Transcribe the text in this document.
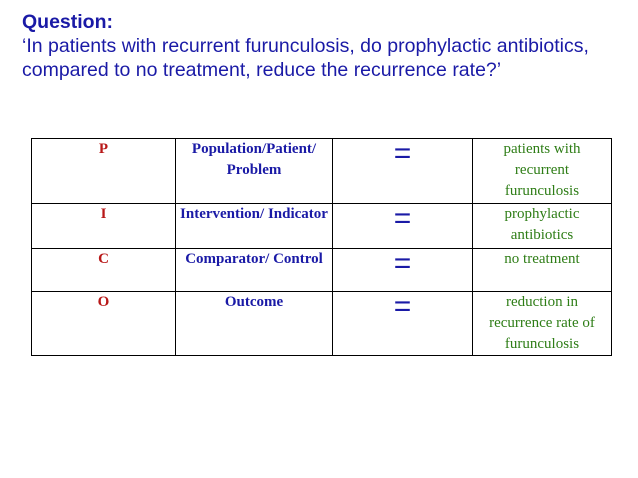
Question:
‘In patients with recurrent furunculosis, do prophylactic antibiotics, compared to no treatment, reduce the recurrence rate?’
P	Population/Patient/ Problem	=	patients with recurrent furunculosis
I	Intervention/ Indicator	=	prophylactic antibiotics
C	Comparator/ Control	=	no treatment
O	Outcome	=	reduction in recurrence rate of furunculosis
